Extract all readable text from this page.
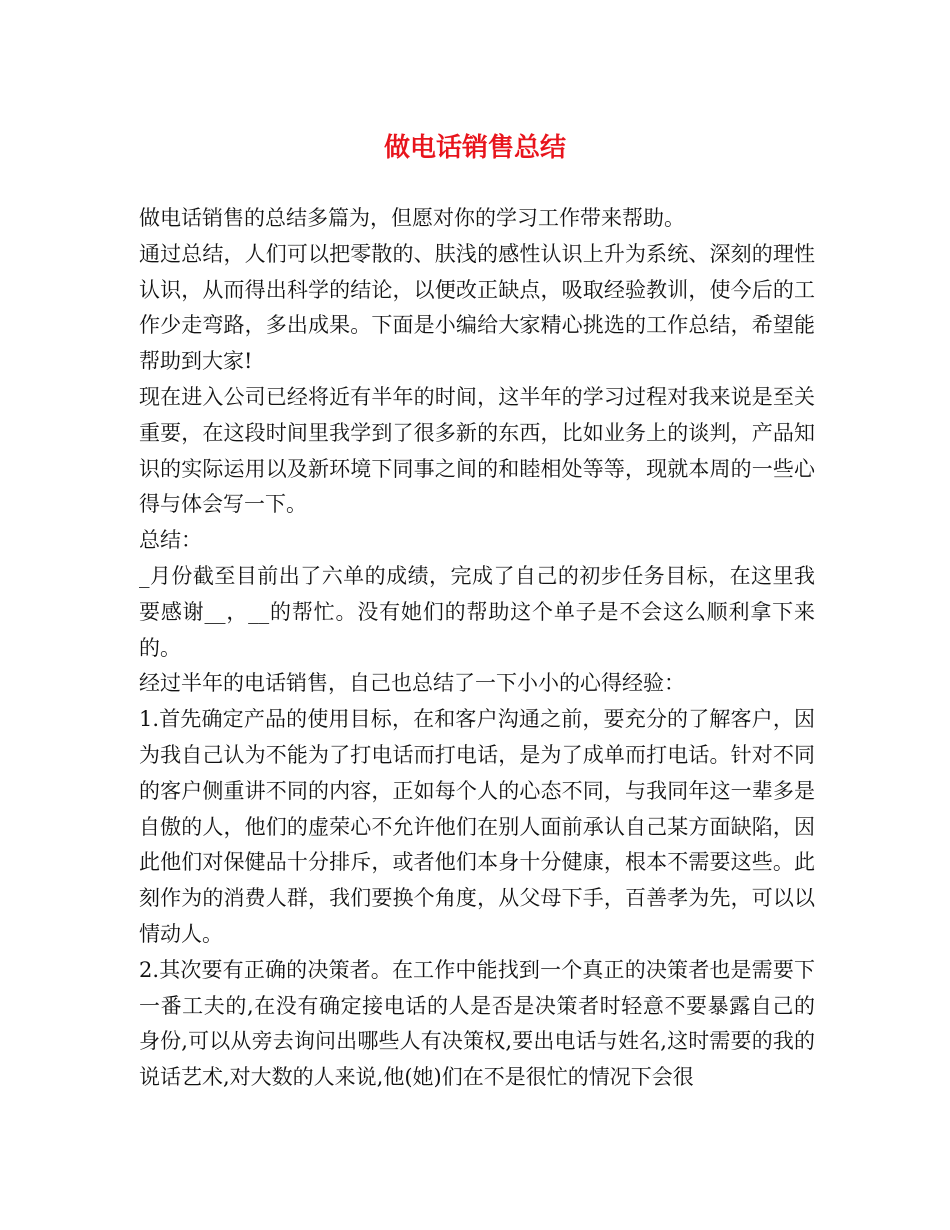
做电话销售总结

做电话销售的总结多篇为，但愿对你的学习工作带来帮助。

通过总结，人们可以把零散的、肤浅的感性认识上升为系统、深刻的理性认识，从而得出科学的结论，以便改正缺点，吸取经验教训，使今后的工作少走弯路，多出成果。下面是小编给大家精心挑选的工作总结，希望能帮助到大家!

现在进入公司已经将近有半年的时间，这半年的学习过程对我来说是至关重要，在这段时间里我学到了很多新的东西，比如业务上的谈判，产品知识的实际运用以及新环境下同事之间的和睦相处等等，现就本周的一些心得与体会写一下。

总结：

_月份截至目前出了六单的成绩，完成了自己的初步任务目标，在这里我要感谢__，__的帮忙。没有她们的帮助这个单子是不会这么顺利拿下来的。

经过半年的电话销售，自己也总结了一下小小的心得经验：

1.首先确定产品的使用目标，在和客户沟通之前，要充分的了解客户，因为我自己认为不能为了打电话而打电话，是为了成单而打电话。针对不同的客户侧重讲不同的内容，正如每个人的心态不同，与我同年这一辈多是自傲的人，他们的虚荣心不允许他们在别人面前承认自己某方面缺陷，因此他们对保健品十分排斥，或者他们本身十分健康，根本不需要这些。此刻作为的消费人群，我们要换个角度，从父母下手，百善孝为先，可以以情动人。

2.其次要有正确的决策者。在工作中能找到一个真正的决策者也是需要下一番工夫的,在没有确定接电话的人是否是决策者时轻意不要暴露自己的身份,可以从旁去询问出哪些人有决策权,要出电话与姓名,这时需要的我的说话艺术,对大数的人来说,他(她)们在不是很忙的情况下会很
